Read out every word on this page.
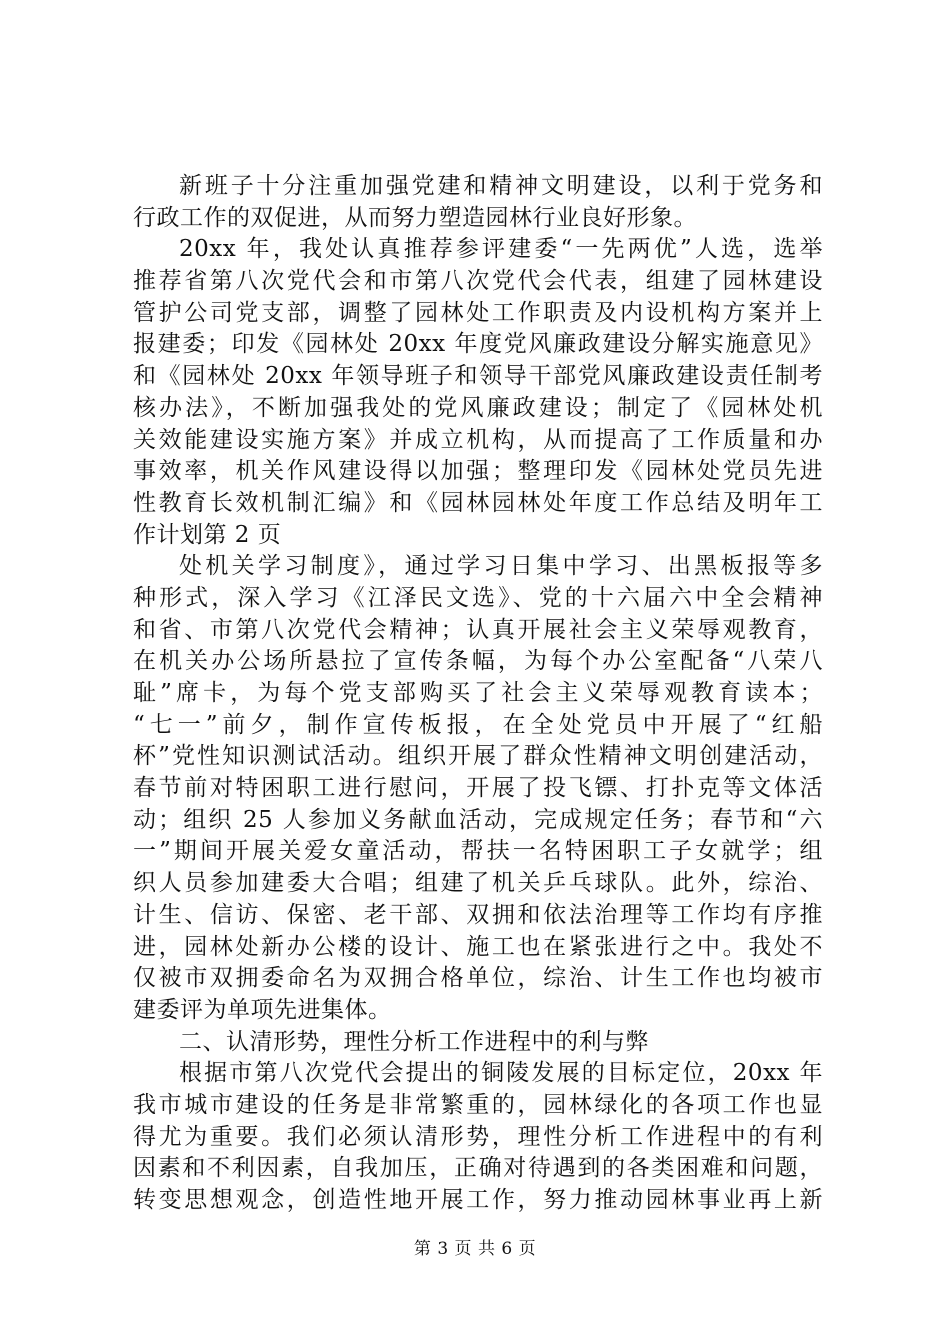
新班子十分注重加强党建和精神文明建设，以利于党务和
行政工作的双促进，从而努力塑造园林行业良好形象。
20xx 年，我处认真推荐参评建委“一先两优”人选，选举
推荐省第八次党代会和市第八次党代会代表，组建了园林建设
管护公司党支部，调整了园林处工作职责及内设机构方案并上
报建委；印发《园林处 20xx 年度党风廉政建设分解实施意见》
和《园林处 20xx 年领导班子和领导干部党风廉政建设责任制考
核办法》，不断加强我处的党风廉政建设；制定了《园林处机
关效能建设实施方案》并成立机构，从而提高了工作质量和办
事效率，机关作风建设得以加强；整理印发《园林处党员先进
性教育长效机制汇编》和《园林园林处年度工作总结及明年工
作计划第 2 页
处机关学习制度》，通过学习日集中学习、出黑板报等多
种形式，深入学习《江泽民文选》、党的十六届六中全会精神
和省、市第八次党代会精神；认真开展社会主义荣辱观教育，
在机关办公场所悬拉了宣传条幅，为每个办公室配备“八荣八
耻”席卡，为每个党支部购买了社会主义荣辱观教育读本；
“七一”前夕，制作宣传板报，在全处党员中开展了“红船
杯”党性知识测试活动。组织开展了群众性精神文明创建活动，
春节前对特困职工进行慰问，开展了投飞镖、打扑克等文体活
动；组织 25 人参加义务献血活动，完成规定任务；春节和“六
一”期间开展关爱女童活动，帮扶一名特困职工子女就学；组
织人员参加建委大合唱；组建了机关乒乓球队。此外，综治、
计生、信访、保密、老干部、双拥和依法治理等工作均有序推
进，园林处新办公楼的设计、施工也在紧张进行之中。我处不
仅被市双拥委命名为双拥合格单位，综治、计生工作也均被市
建委评为单项先进集体。
二、认清形势，理性分析工作进程中的利与弊
根据市第八次党代会提出的铜陵发展的目标定位，20xx 年
我市城市建设的任务是非常繁重的，园林绿化的各项工作也显
得尤为重要。我们必须认清形势，理性分析工作进程中的有利
因素和不利因素，自我加压，正确对待遇到的各类困难和问题，
转变思想观念，创造性地开展工作，努力推动园林事业再上新
第 3 页 共 6 页
